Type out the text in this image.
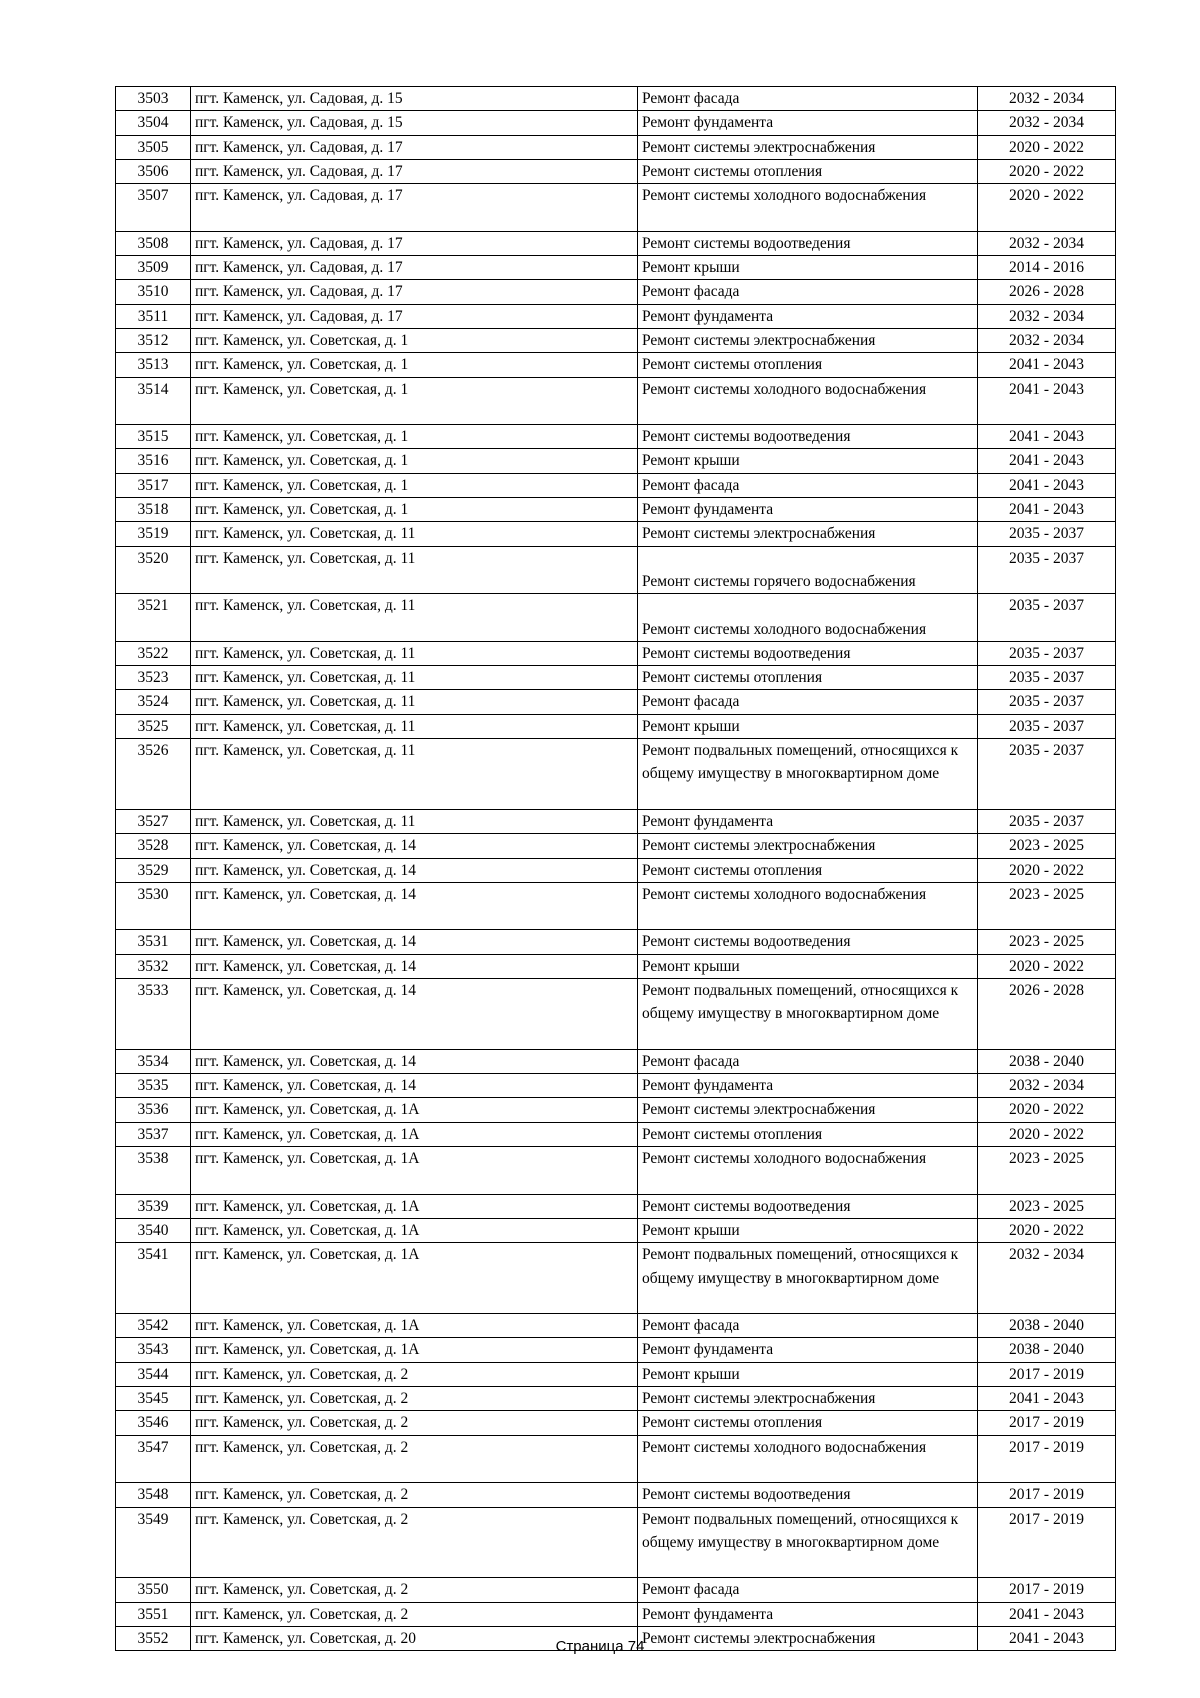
3503	пгт. Каменск, ул. Садовая, д. 15	Ремонт фасада	2032 - 2034
3504	пгт. Каменск, ул. Садовая, д. 15	Ремонт фундамента	2032 - 2034
3505	пгт. Каменск, ул. Садовая, д. 17	Ремонт системы электроснабжения	2020 - 2022
3506	пгт. Каменск, ул. Садовая, д. 17	Ремонт системы отопления	2020 - 2022
3507	пгт. Каменск, ул. Садовая, д. 17	Ремонт системы холодного водоснабжения	2020 - 2022
3508	пгт. Каменск, ул. Садовая, д. 17	Ремонт системы водоотведения	2032 - 2034
3509	пгт. Каменск, ул. Садовая, д. 17	Ремонт крыши	2014 - 2016
3510	пгт. Каменск, ул. Садовая, д. 17	Ремонт фасада	2026 - 2028
3511	пгт. Каменск, ул. Садовая, д. 17	Ремонт фундамента	2032 - 2034
3512	пгт. Каменск, ул. Советская, д. 1	Ремонт системы электроснабжения	2032 - 2034
3513	пгт. Каменск, ул. Советская, д. 1	Ремонт системы отопления	2041 - 2043
3514	пгт. Каменск, ул. Советская, д. 1	Ремонт системы холодного водоснабжения	2041 - 2043
3515	пгт. Каменск, ул. Советская, д. 1	Ремонт системы водоотведения	2041 - 2043
3516	пгт. Каменск, ул. Советская, д. 1	Ремонт крыши	2041 - 2043
3517	пгт. Каменск, ул. Советская, д. 1	Ремонт фасада	2041 - 2043
3518	пгт. Каменск, ул. Советская, д. 1	Ремонт фундамента	2041 - 2043
3519	пгт. Каменск, ул. Советская, д. 11	Ремонт системы электроснабжения	2035 - 2037
3520	пгт. Каменск, ул. Советская, д. 11	Ремонт системы горячего водоснабжения	2035 - 2037
3521	пгт. Каменск, ул. Советская, д. 11	Ремонт системы холодного водоснабжения	2035 - 2037
3522	пгт. Каменск, ул. Советская, д. 11	Ремонт системы водоотведения	2035 - 2037
3523	пгт. Каменск, ул. Советская, д. 11	Ремонт системы отопления	2035 - 2037
3524	пгт. Каменск, ул. Советская, д. 11	Ремонт фасада	2035 - 2037
3525	пгт. Каменск, ул. Советская, д. 11	Ремонт крыши	2035 - 2037
3526	пгт. Каменск, ул. Советская, д. 11	Ремонт подвальных помещений, относящихся к общему имуществу в многоквартирном доме	2035 - 2037
3527	пгт. Каменск, ул. Советская, д. 11	Ремонт фундамента	2035 - 2037
3528	пгт. Каменск, ул. Советская, д. 14	Ремонт системы электроснабжения	2023 - 2025
3529	пгт. Каменск, ул. Советская, д. 14	Ремонт системы отопления	2020 - 2022
3530	пгт. Каменск, ул. Советская, д. 14	Ремонт системы холодного водоснабжения	2023 - 2025
3531	пгт. Каменск, ул. Советская, д. 14	Ремонт системы водоотведения	2023 - 2025
3532	пгт. Каменск, ул. Советская, д. 14	Ремонт крыши	2020 - 2022
3533	пгт. Каменск, ул. Советская, д. 14	Ремонт подвальных помещений, относящихся к общему имуществу в многоквартирном доме	2026 - 2028
3534	пгт. Каменск, ул. Советская, д. 14	Ремонт фасада	2038 - 2040
3535	пгт. Каменск, ул. Советская, д. 14	Ремонт фундамента	2032 - 2034
3536	пгт. Каменск, ул. Советская, д. 1А	Ремонт системы электроснабжения	2020 - 2022
3537	пгт. Каменск, ул. Советская, д. 1А	Ремонт системы отопления	2020 - 2022
3538	пгт. Каменск, ул. Советская, д. 1А	Ремонт системы холодного водоснабжения	2023 - 2025
3539	пгт. Каменск, ул. Советская, д. 1А	Ремонт системы водоотведения	2023 - 2025
3540	пгт. Каменск, ул. Советская, д. 1А	Ремонт крыши	2020 - 2022
3541	пгт. Каменск, ул. Советская, д. 1А	Ремонт подвальных помещений, относящихся к общему имуществу в многоквартирном доме	2032 - 2034
3542	пгт. Каменск, ул. Советская, д. 1А	Ремонт фасада	2038 - 2040
3543	пгт. Каменск, ул. Советская, д. 1А	Ремонт фундамента	2038 - 2040
3544	пгт. Каменск, ул. Советская, д. 2	Ремонт крыши	2017 - 2019
3545	пгт. Каменск, ул. Советская, д. 2	Ремонт системы электроснабжения	2041 - 2043
3546	пгт. Каменск, ул. Советская, д. 2	Ремонт системы отопления	2017 - 2019
3547	пгт. Каменск, ул. Советская, д. 2	Ремонт системы холодного водоснабжения	2017 - 2019
3548	пгт. Каменск, ул. Советская, д. 2	Ремонт системы водоотведения	2017 - 2019
3549	пгт. Каменск, ул. Советская, д. 2	Ремонт подвальных помещений, относящихся к общему имуществу в многоквартирном доме	2017 - 2019
3550	пгт. Каменск, ул. Советская, д. 2	Ремонт фасада	2017 - 2019
3551	пгт. Каменск, ул. Советская, д. 2	Ремонт фундамента	2041 - 2043
3552	пгт. Каменск, ул. Советская, д. 20	Ремонт системы электроснабжения	2041 - 2043
Страница 74
